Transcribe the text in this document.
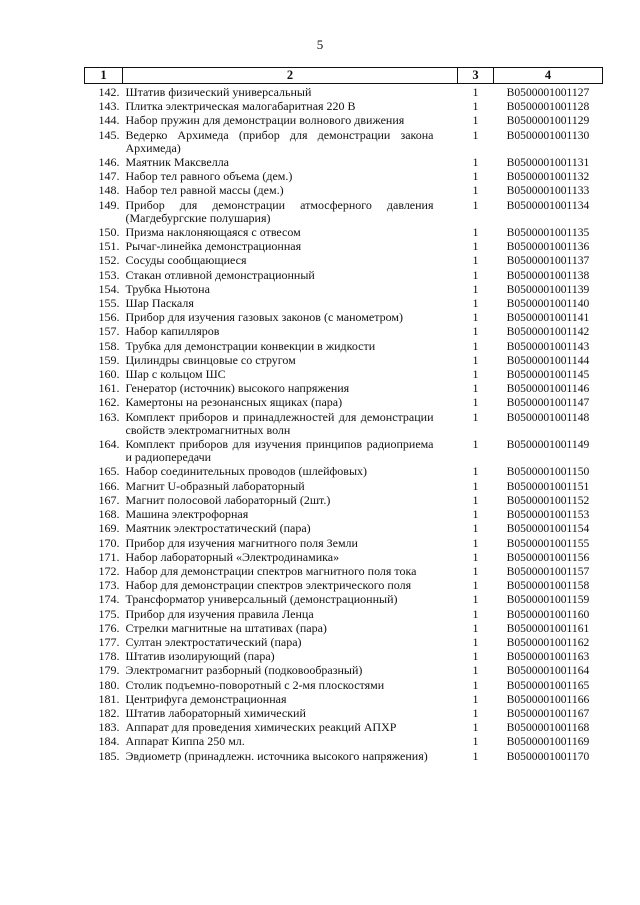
5
1	2	3	4
142.	Штатив физический универсальный	1	B0500001001127
143.	Плитка электрическая малогабаритная 220 В	1	B0500001001128
144.	Набор пружин для демонстрации волнового движения	1	B0500001001129
145.	Ведерко Архимеда (прибор для демонстрации закона Архимеда)	1	B0500001001130
146.	Маятник Максвелла	1	B0500001001131
147.	Набор тел равного объема (дем.)	1	B0500001001132
148.	Набор тел равной массы (дем.)	1	B0500001001133
149.	Прибор для демонстрации атмосферного давления (Магдебургские полушария)	1	B0500001001134
150.	Призма наклоняющаяся с отвесом	1	B0500001001135
151.	Рычаг-линейка демонстрационная	1	B0500001001136
152.	Сосуды сообщающиеся	1	B0500001001137
153.	Стакан отливной демонстрационный	1	B0500001001138
154.	Трубка Ньютона	1	B0500001001139
155.	Шар Паскаля	1	B0500001001140
156.	Прибор для изучения газовых законов (с манометром)	1	B0500001001141
157.	Набор капилляров	1	B0500001001142
158.	Трубка для демонстрации конвекции в жидкости	1	B0500001001143
159.	Цилиндры свинцовые со стругом	1	B0500001001144
160.	Шар с кольцом ШС	1	B0500001001145
161.	Генератор (источник) высокого напряжения	1	B0500001001146
162.	Камертоны на резонансных ящиках (пара)	1	B0500001001147
163.	Комплект приборов и принадлежностей для демонстрации свойств электромагнитных волн	1	B0500001001148
164.	Комплект приборов для изучения принципов радиоприема и радиопередачи	1	B0500001001149
165.	Набор соединительных проводов (шлейфовых)	1	B0500001001150
166.	Магнит U-образный лабораторный	1	B0500001001151
167.	Магнит полосовой лабораторный (2шт.)	1	B0500001001152
168.	Машина электрофорная	1	B0500001001153
169.	Маятник электростатический (пара)	1	B0500001001154
170.	Прибор для изучения магнитного поля Земли	1	B0500001001155
171.	Набор лабораторный «Электродинамика»	1	B0500001001156
172.	Набор для демонстрации спектров магнитного поля тока	1	B0500001001157
173.	Набор для демонстрации спектров электрического поля	1	B0500001001158
174.	Трансформатор универсальный (демонстрационный)	1	B0500001001159
175.	Прибор для изучения правила Ленца	1	B0500001001160
176.	Стрелки магнитные на штативах (пара)	1	B0500001001161
177.	Султан электростатический (пара)	1	B0500001001162
178.	Штатив изолирующий (пара)	1	B0500001001163
179.	Электромагнит разборный (подковообразный)	1	B0500001001164
180.	Столик подъемно-поворотный с 2-мя плоскостями	1	B0500001001165
181.	Центрифуга демонстрационная	1	B0500001001166
182.	Штатив лабораторный химический	1	B0500001001167
183.	Аппарат для проведения химических реакций АПХР	1	B0500001001168
184.	Аппарат Киппа 250 мл.	1	B0500001001169
185.	Эвдиометр (принадлежн. источника высокого напряжения)	1	B0500001001170
